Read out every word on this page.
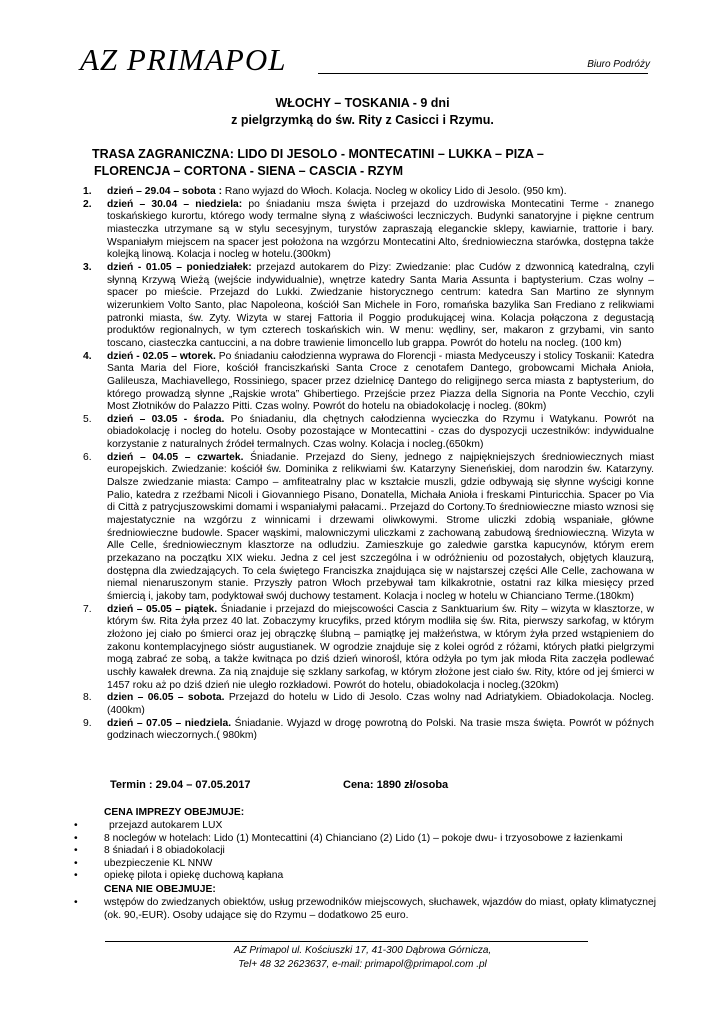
AZ PRIMAPOL	Biuro Podróży
WŁOCHY – TOSKANIA - 9 dni
z pielgrzymką do św. Rity z Casicci i Rzymu.
TRASA ZAGRANICZNA: LIDO DI JESOLO - MONTECATINI – LUKKA – PIZA –
FLORENCJA – CORTONA - SIENA – CASCIA - RZYM
1. dzień – 29.04 – sobota : Rano wyjazd do Włoch. Kolacja. Nocleg w okolicy Lido di Jesolo. (950 km).
2. dzień – 30.04 – niedziela: po śniadaniu msza święta i przejazd do uzdrowiska Montecatini Terme - znanego toskańskiego kurortu, którego wody termalne słyną z właściwości leczniczych. Budynki sanatoryjne i piękne centrum miasteczka utrzymane są w stylu secesyjnym, turystów zapraszają eleganckie sklepy, kawiarnie, trattorie i bary. Wspaniałym miejscem na spacer jest położona na wzgórzu Montecatini Alto, średniowieczna starówka, dostępna także kolejką linową. Kolacja i nocleg w hotelu.(300km)
3. dzień - 01.05 – poniedziałek: przejazd autokarem do Pizy: Zwiedzanie: plac Cudów z dzwonnicą katedralną, czyli słynną Krzywą Wieżą (wejście indywidualnie), wnętrze katedry Santa Maria Assunta i baptysterium. Czas wolny – spacer po mieście. Przejazd do Lukki. Zwiedzanie historycznego centrum: katedra San Martino ze słynnym wizerunkiem Volto Santo, plac Napoleona, kościół San Michele in Foro, romańska bazylika San Frediano z relikwiami patronki miasta, św. Zyty. Wizyta w starej Fattoria il Poggio produkującej wina. Kolacja połączona z degustacją produktów regionalnych, w tym czterech toskańskich win. W menu: wędliny, ser, makaron z grzybami, vin santo toscano, ciasteczka cantuccini, a na dobre trawienie limoncello lub grappa. Powrót do hotelu na nocleg. (100 km)
4. dzień - 02.05 – wtorek. Po śniadaniu całodzienna wyprawa do Florencji - miasta Medyceuszy i stolicy Toskanii: Katedra Santa Maria del Fiore, kościół franciszkański Santa Croce z cenotafem Dantego, grobowcami Michała Anioła, Galileusza, Machiavellego, Rossiniego, spacer przez dzielnicę Dantego do religijnego serca miasta z baptysterium, do którego prowadzą słynne „Rajskie wrota” Ghibertiego. Przejście przez Piazza della Signoria na Ponte Vecchio, czyli Most Złotników do Palazzo Pitti. Czas wolny. Powrót do hotelu na obiadokolację i nocleg. (80km)
5. dzień – 03.05 - środa. Po śniadaniu, dla chętnych całodzienna wycieczka do Rzymu i Watykanu. Powrót na obiadokolację i nocleg do hotelu. Osoby pozostające w Montecattini - czas do dyspozycji uczestników: indywidualne korzystanie z naturalnych źródeł termalnych. Czas wolny. Kolacja i nocleg.(650km)
6. dzień – 04.05 – czwartek. Śniadanie. Przejazd do Sieny, jednego z najpiękniejszych średniowiecznych miast europejskich. Zwiedzanie: kościół św. Dominika z relikwiami św. Katarzyny Sieneńskiej, dom narodzin św. Katarzyny. Dalsze zwiedzanie miasta: Campo – amfiteatralny plac w kształcie muszli, gdzie odbywają się słynne wyścigi konne Palio, katedra z rzeźbami Nicoli i Giovanniego Pisano, Donatella, Michała Anioła i freskami Pinturicchia. Spacer po Via di Città z patrycjuszowskimi domami i wspaniałymi pałacami.. Przejazd do Cortony.To średniowieczne miasto wznosi się majestatycznie na wzgórzu z winnicami i drzewami oliwkowymi. Strome uliczki zdobią wspaniałe, główne średniowieczne budowle. Spacer wąskimi, malowniczymi uliczkami z zachowaną zabudową średniowieczną. Wizyta w Alle Celle, średniowiecznym klasztorze na odludziu. Zamieszkuje go zaledwie garstka kapucynów, którym erem przekazano na początku XIX wieku. Jedna z cel jest szczególna i w odróżnieniu od pozostałych, objętych klauzurą, dostępna dla zwiedzających. To cela świętego Franciszka znajdująca się w najstarszej części Alle Celle, zachowana w niemal nienaruszonym stanie. Przyszły patron Włoch przebywał tam kilkakrotnie, ostatni raz kilka miesięcy przed śmiercią i, jakoby tam, podyktował swój duchowy testament. Kolacja i nocleg w hotelu w Chianciano Terme.(180km)
7. dzień – 05.05 – piątek. Śniadanie i przejazd do miejscowości Cascia z Sanktuarium św. Rity – wizyta w klasztorze, w którym św. Rita żyła przez 40 lat. Zobaczymy krucyfiks, przed którym modliła się św. Rita, pierwszy sarkofag, w którym złożono jej ciało po śmierci oraz jej obrączkę ślubną – pamiątkę jej małżeństwa, w którym żyła przed wstąpieniem do zakonu kontemplacyjnego sióstr augustianek. W ogrodzie znajduje się z kolei ogród z różami, których płatki pielgrzymi mogą zabrać ze sobą, a także kwitnąca po dziś dzień winorośl, która odżyła po tym jak młoda Rita zaczęła podlewać uschły kawałek drewna. Za nią znajduje się szklany sarkofag, w którym złożone jest ciało św. Rity, które od jej śmierci w 1457 roku aż po dziś dzień nie uległo rozkładowi. Powrót do hotelu, obiadokolacja i nocleg.(320km)
8. dzien – 06.05 – sobota. Przejazd do hotelu w Lido di Jesolo. Czas wolny nad Adriatykiem. Obiadokolacja. Nocleg.(400km)
9. dzień – 07.05 – niedziela. Śniadanie. Wyjazd w drogę powrotną do Polski. Na trasie msza święta. Powrót w późnych godzinach wieczornych.( 980km)
Termin : 29.04 – 07.05.2017	Cena: 1890 zł/osoba
CENA IMPREZY OBEJMUJE:
•	przejazd autokarem LUX
•	8 noclegów w hotelach: Lido (1) Montecattini (4) Chianciano (2) Lido (1) – pokoje dwu- i trzyosobowe z łazienkami
•	8 śniadań i 8 obiadokolacji
•	ubezpieczenie KL NNW
•	opiekę pilota i opiekę duchową kapłana
CENA NIE OBEJMUJE:
•	wstępów do zwiedzanych obiektów, usług przewodników miejscowych, słuchawek, wjazdów do miast, opłaty klimatycznej (ok. 90,-EUR). Osoby udające się do Rzymu – dodatkowo 25 euro.
AZ Primapol ul. Kościuszki 17, 41-300 Dąbrowa Górnicza,
Tel+ 48 32 2623637, e-mail: primapol@primapol.com .pl
